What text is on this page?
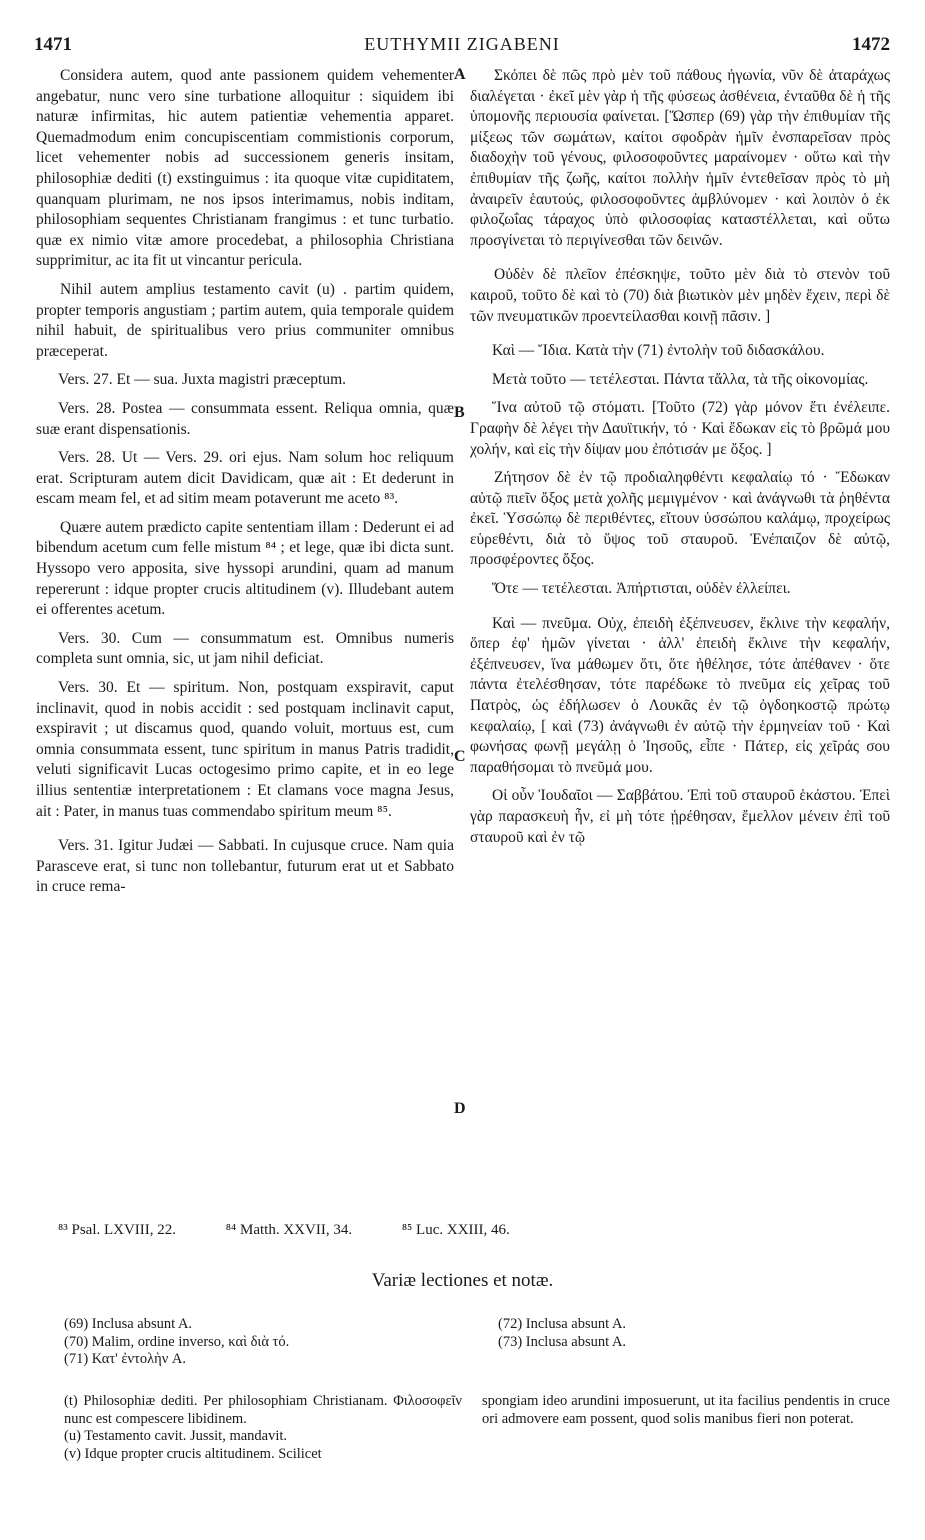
1471	EUTHYMII ZIGABENI	1472
A
B
C
D

Considera autem, quod ante passionem quidem vehementer angebatur, nunc vero sine turbatione alloquitur : siquidem ibi naturæ infirmitas, hic autem patientiæ vehementia apparet. Quemadmodum enim concupiscentiam commistionis corporum, licet vehementer nobis ad successionem generis insitam, philosophiæ dediti (t) exstinguimus : ita quoque vitæ cupiditatem, quanquam plurimam, ne nos ipsos interimamus, nobis inditam, philosophiam sequentes Christianam frangimus : et tunc turbatio. quæ ex nimio vitæ amore procedebat, a philosophia Christiana supprimitur, ac ita fit ut vincantur pericula.

Nihil autem amplius testamento cavit (u) . partim quidem, propter temporis angustiam ; partim autem, quia temporale quidem nihil habuit, de spiritualibus vero prius communiter omnibus præceperat.

Vers. 27. Et — sua. Juxta magistri præceptum.

Vers. 28. Postea — consummata essent. Reliqua omnia, quæ suæ erant dispensationis.

Vers. 28. Ut — Vers. 29. ori ejus. Nam solum hoc reliquum erat. Scripturam autem dicit Davidicam, quæ ait : Et dederunt in escam meam fel, et ad sitim meam potaverunt me aceto ⁸³.

Quære autem prædicto capite sententiam illam : Dederunt ei ad bibendum acetum cum felle mistum ⁸⁴ ; et lege, quæ ibi dicta sunt. Hyssopo vero apposita, sive hyssopi arundini, quam ad manum repererunt : idque propter crucis altitudinem (v). Illudebant autem ei offerentes acetum.

Vers. 30. Cum — consummatum est. Omnibus numeris completa sunt omnia, sic, ut jam nihil deficiat.

Vers. 30. Et — spiritum. Non, postquam exspiravit, caput inclinavit, quod in nobis accidit : sed postquam inclinavit caput, exspiravit ; ut discamus quod, quando voluit, mortuus est, cum omnia consummata essent, tunc spiritum in manus Patris tradidit, veluti significavit Lucas octogesimo primo capite, et in eo lege illius sententiæ interpretationem : Et clamans voce magna Jesus, ait : Pater, in manus tuas commendabo spiritum meum ⁸⁵.

Vers. 31. Igitur Judæi — Sabbati. In cujusque cruce. Nam quia Parasceve erat, si tunc non tollebantur, futurum erat ut et Sabbato in cruce rema-

Σκόπει δὲ πῶς πρὸ μὲν τοῦ πάθους ἠγωνία, νῦν δὲ ἀταράχως διαλέγεται · ἐκεῖ μὲν γὰρ ἡ τῆς φύσεως ἀσθένεια, ἐνταῦθα δὲ ἡ τῆς ὑπομονῆς περιουσία φαίνεται. [Ὥσπερ (69) γὰρ τὴν ἐπιθυμίαν τῆς μίξεως τῶν σωμάτων, καίτοι σφοδρὰν ἡμῖν ἐνσπαρεῖσαν πρὸς διαδοχὴν τοῦ γένους, φιλοσοφοῦντες μαραίνομεν · οὕτω καὶ τὴν ἐπιθυμίαν τῆς ζωῆς, καίτοι πολλὴν ἡμῖν ἐντεθεῖσαν πρὸς τὸ μὴ ἀναιρεῖν ἑαυτούς, φιλοσοφοῦντες ἀμβλύνομεν · καὶ λοιπὸν ὁ ἐκ φιλοζωΐας τάραχος ὑπὸ φιλοσοφίας καταστέλλεται, καὶ οὕτω προσγίνεται τὸ περιγίνεσθαι τῶν δεινῶν.

Οὐδὲν δὲ πλεῖον ἐπέσκηψε, τοῦτο μὲν διὰ τὸ στενὸν τοῦ καιροῦ, τοῦτο δὲ καὶ τὸ (70) διὰ βιωτικὸν μὲν μηδὲν ἔχειν, περὶ δὲ τῶν πνευματικῶν προεντείλασθαι κοινῇ πᾶσιν. ]

Καὶ — Ἴδια. Κατὰ τὴν (71) ἐντολὴν τοῦ διδασκάλου.

Μετὰ τοῦτο — τετέλεσται. Πάντα τἄλλα, τὰ τῆς οἰκονομίας.

Ἵνα αὐτοῦ τῷ στόματι. [Τοῦτο (72) γὰρ μόνον ἔτι ἐνέλειπε. Γραφὴν δὲ λέγει τὴν Δαυϊτικήν, τό · Καὶ ἔδωκαν εἰς τὸ βρῶμά μου χολήν, καὶ εἰς τὴν δίψαν μου ἐπότισάν με ὄξος. ]

Ζήτησον δὲ ἐν τῷ προδιαληφθέντι κεφαλαίῳ τό · Ἔδωκαν αὐτῷ πιεῖν ὄξος μετὰ χολῆς μεμιγμένον · καὶ ἀνάγνωθι τὰ ῥηθέντα ἐκεῖ. Ὑσσώπῳ δὲ περιθέντες, εἴτουν ὑσσώπου καλάμῳ, προχείρως εὑρεθέντι, διὰ τὸ ὕψος τοῦ σταυροῦ. Ἐνέπαιζον δὲ αὐτῷ, προσφέροντες ὄξος.

Ὅτε — τετέλεσται. Ἀπήρτισται, οὐδὲν ἐλλείπει.

Καὶ — πνεῦμα. Οὐχ, ἐπειδὴ ἐξέπνευσεν, ἔκλινε τὴν κεφαλήν, ὅπερ ἐφ' ἡμῶν γίνεται · ἀλλ' ἐπειδὴ ἔκλινε τὴν κεφαλήν, ἐξέπνευσεν, ἵνα μάθωμεν ὅτι, ὅτε ἠθέλησε, τότε ἀπέθανεν · ὅτε πάντα ἐτελέσθησαν, τότε παρέδωκε τὸ πνεῦμα εἰς χεῖρας τοῦ Πατρὸς, ὡς ἐδήλωσεν ὁ Λουκᾶς ἐν τῷ ὀγδοηκοστῷ πρώτῳ κεφαλαίῳ, [ καὶ (73) ἀνάγνωθι ἐν αὐτῷ τὴν ἑρμηνείαν τοῦ · Καὶ φωνήσας φωνῇ μεγάλῃ ὁ Ἰησοῦς, εἶπε · Πάτερ, εἰς χεῖράς σου παραθήσομαι τὸ πνεῦμά μου.

Οἱ οὖν Ἰουδαῖοι — Σαββάτου. Ἐπὶ τοῦ σταυροῦ ἑκάστου. Ἐπεὶ γὰρ παρασκευὴ ἦν, εἰ μὴ τότε ᾑρέθησαν, ἔμελλον μένειν ἐπὶ τοῦ σταυροῦ καὶ ἐν τῷ

⁸³ Psal. LXVIII, 22.	⁸⁴ Matth. XXVII, 34.	⁸⁵ Luc. XXIII, 46.
Variæ lectiones et notæ.
(69) Inclusa absunt A.
(70) Malim, ordine inverso, καὶ διὰ τό.
(71) Κατ' ἐντολὴν A.
(72) Inclusa absunt A.
(73) Inclusa absunt A.
(t) Philosophiæ dediti. Per philosophiam Christianam. Φιλοσοφεῖν nunc est compescere libidinem.
(u) Testamento cavit. Jussit, mandavit.
(v) Idque propter crucis altitudinem. Scilicet
spongiam ideo arundini imposuerunt, ut ita facilius pendentis in cruce ori admovere eam possent, quod solis manibus fieri non poterat.
